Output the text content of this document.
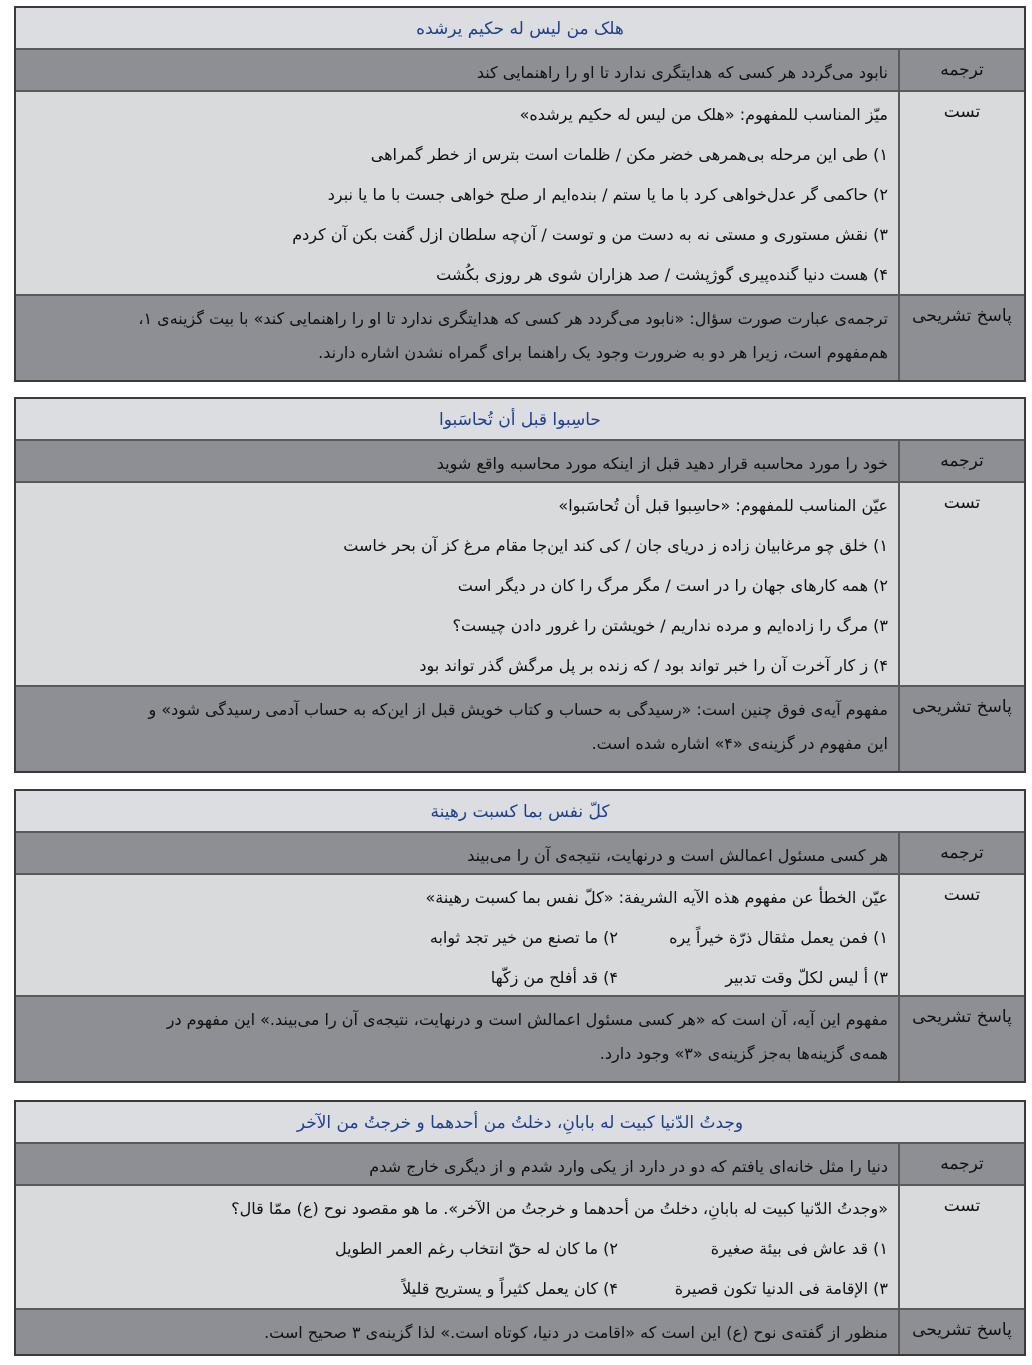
هلک من لیس له حکیم یرشده
ترجمه
نابود می‌گردد هر کسی که هدایتگری ندارد تا او را راهنمایی کند
تست
میّز المناسب للمفهوم: «هلک من لیس له حکیم یرشده»
۱) طی این مرحله بی‌همرهی خضر مکن / ظلمات است بترس از خطر گمراهی
۲) حاکمی گر عدل‌خواهی کرد با ما یا ستم / بنده‌ایم ار صلح خواهی جست با ما یا نبرد
۳) نقش مستوری و مستی نه به دست من و توست / آن‌چه سلطان ازل گفت بکن آن کردم
۴) هست دنیا گنده‌پیری گوژپشت / صد هزاران شوی هر روزی بکُشت
پاسخ تشریحی
ترجمه‌ی عبارت صورت سؤال: «نابود می‌گردد هر کسی که هدایتگری ندارد تا او را راهنمایی کند» با بیت گزینه‌ی ۱،
هم‌مفهوم است، زیرا هر دو به ضرورت وجود یک راهنما برای گمراه نشدن اشاره دارند.
حاسِبوا قبل أن تُحاسَبوا
ترجمه
خود را مورد محاسبه قرار دهید قبل از اینکه مورد محاسبه واقع شوید
تست
عیّن المناسب للمفهوم: «حاسِبوا قبل أن تُحاسَبوا»
۱) خلق چو مرغابیان زاده ز دریای جان / کی کند این‌جا مقام مرغ کز آن بحر خاست
۲) همه کارهای جهان را در است / مگر مرگ را کان در دیگر است
۳) مرگ را زاده‌ایم و مرده نداریم / خویشتن را غرور دادن چیست؟
۴) ز کار آخرت آن را خبر تواند بود / که زنده بر پل مرگش گذر تواند بود
پاسخ تشریحی
مفهوم آیه‌ی فوق چنین است: «رسیدگی به حساب و کتاب خویش قبل از این‌که به حساب آدمی رسیدگی شود» و
این مفهوم در گزینه‌ی «۴» اشاره شده است.
کلّ نفس بما کسبت رهینة
ترجمه
هر کسی مسئول اعمالش است و درنهایت، نتیجه‌ی آن را می‌بیند
تست
عیّن الخطأ عن مفهوم هذه الآیه الشریفة: «کلّ نفس بما کسبت رهینة»
۱) فمن یعمل مثقال ذرّة خیراً یره
۲) ما تصنع من خیر تجد ثوابه
۳) أ لیس لکلّ وقت تدبیر
۴) قد أفلح من زکّها
پاسخ تشریحی
مفهوم این آیه، آن است که «هر کسی مسئول اعمالش است و درنهایت، نتیجه‌ی آن را می‌بیند.» این مفهوم در
همه‌ی گزینه‌ها به‌جز گزینه‌ی «۳» وجود دارد.
وجدتُ الدّنیا کبیت له بابانِ، دخلتُ من أحدهما و خرجتُ من الآخر
ترجمه
دنیا را مثل خانه‌ای یافتم که دو در دارد از یکی وارد شدم و از دیگری خارج شدم
تست
«وجدتُ الدّنیا کبیت له بابانِ، دخلتُ من أحدهما و خرجتُ من الآخر». ما هو مقصود نوح (ع) ممّا قال؟
۱) قد عاش فی بیئة صغیرة
۲) ما کان له حقّ انتخاب رغم العمر الطویل
۳) الإقامة فی الدنیا تکون قصیرة
۴) کان یعمل کثیراً و یستریح قلیلاً
پاسخ تشریحی
منظور از گفته‌ی نوح (ع) این است که «اقامت در دنیا، کوتاه است.» لذا گزینه‌ی ۳ صحیح است.
